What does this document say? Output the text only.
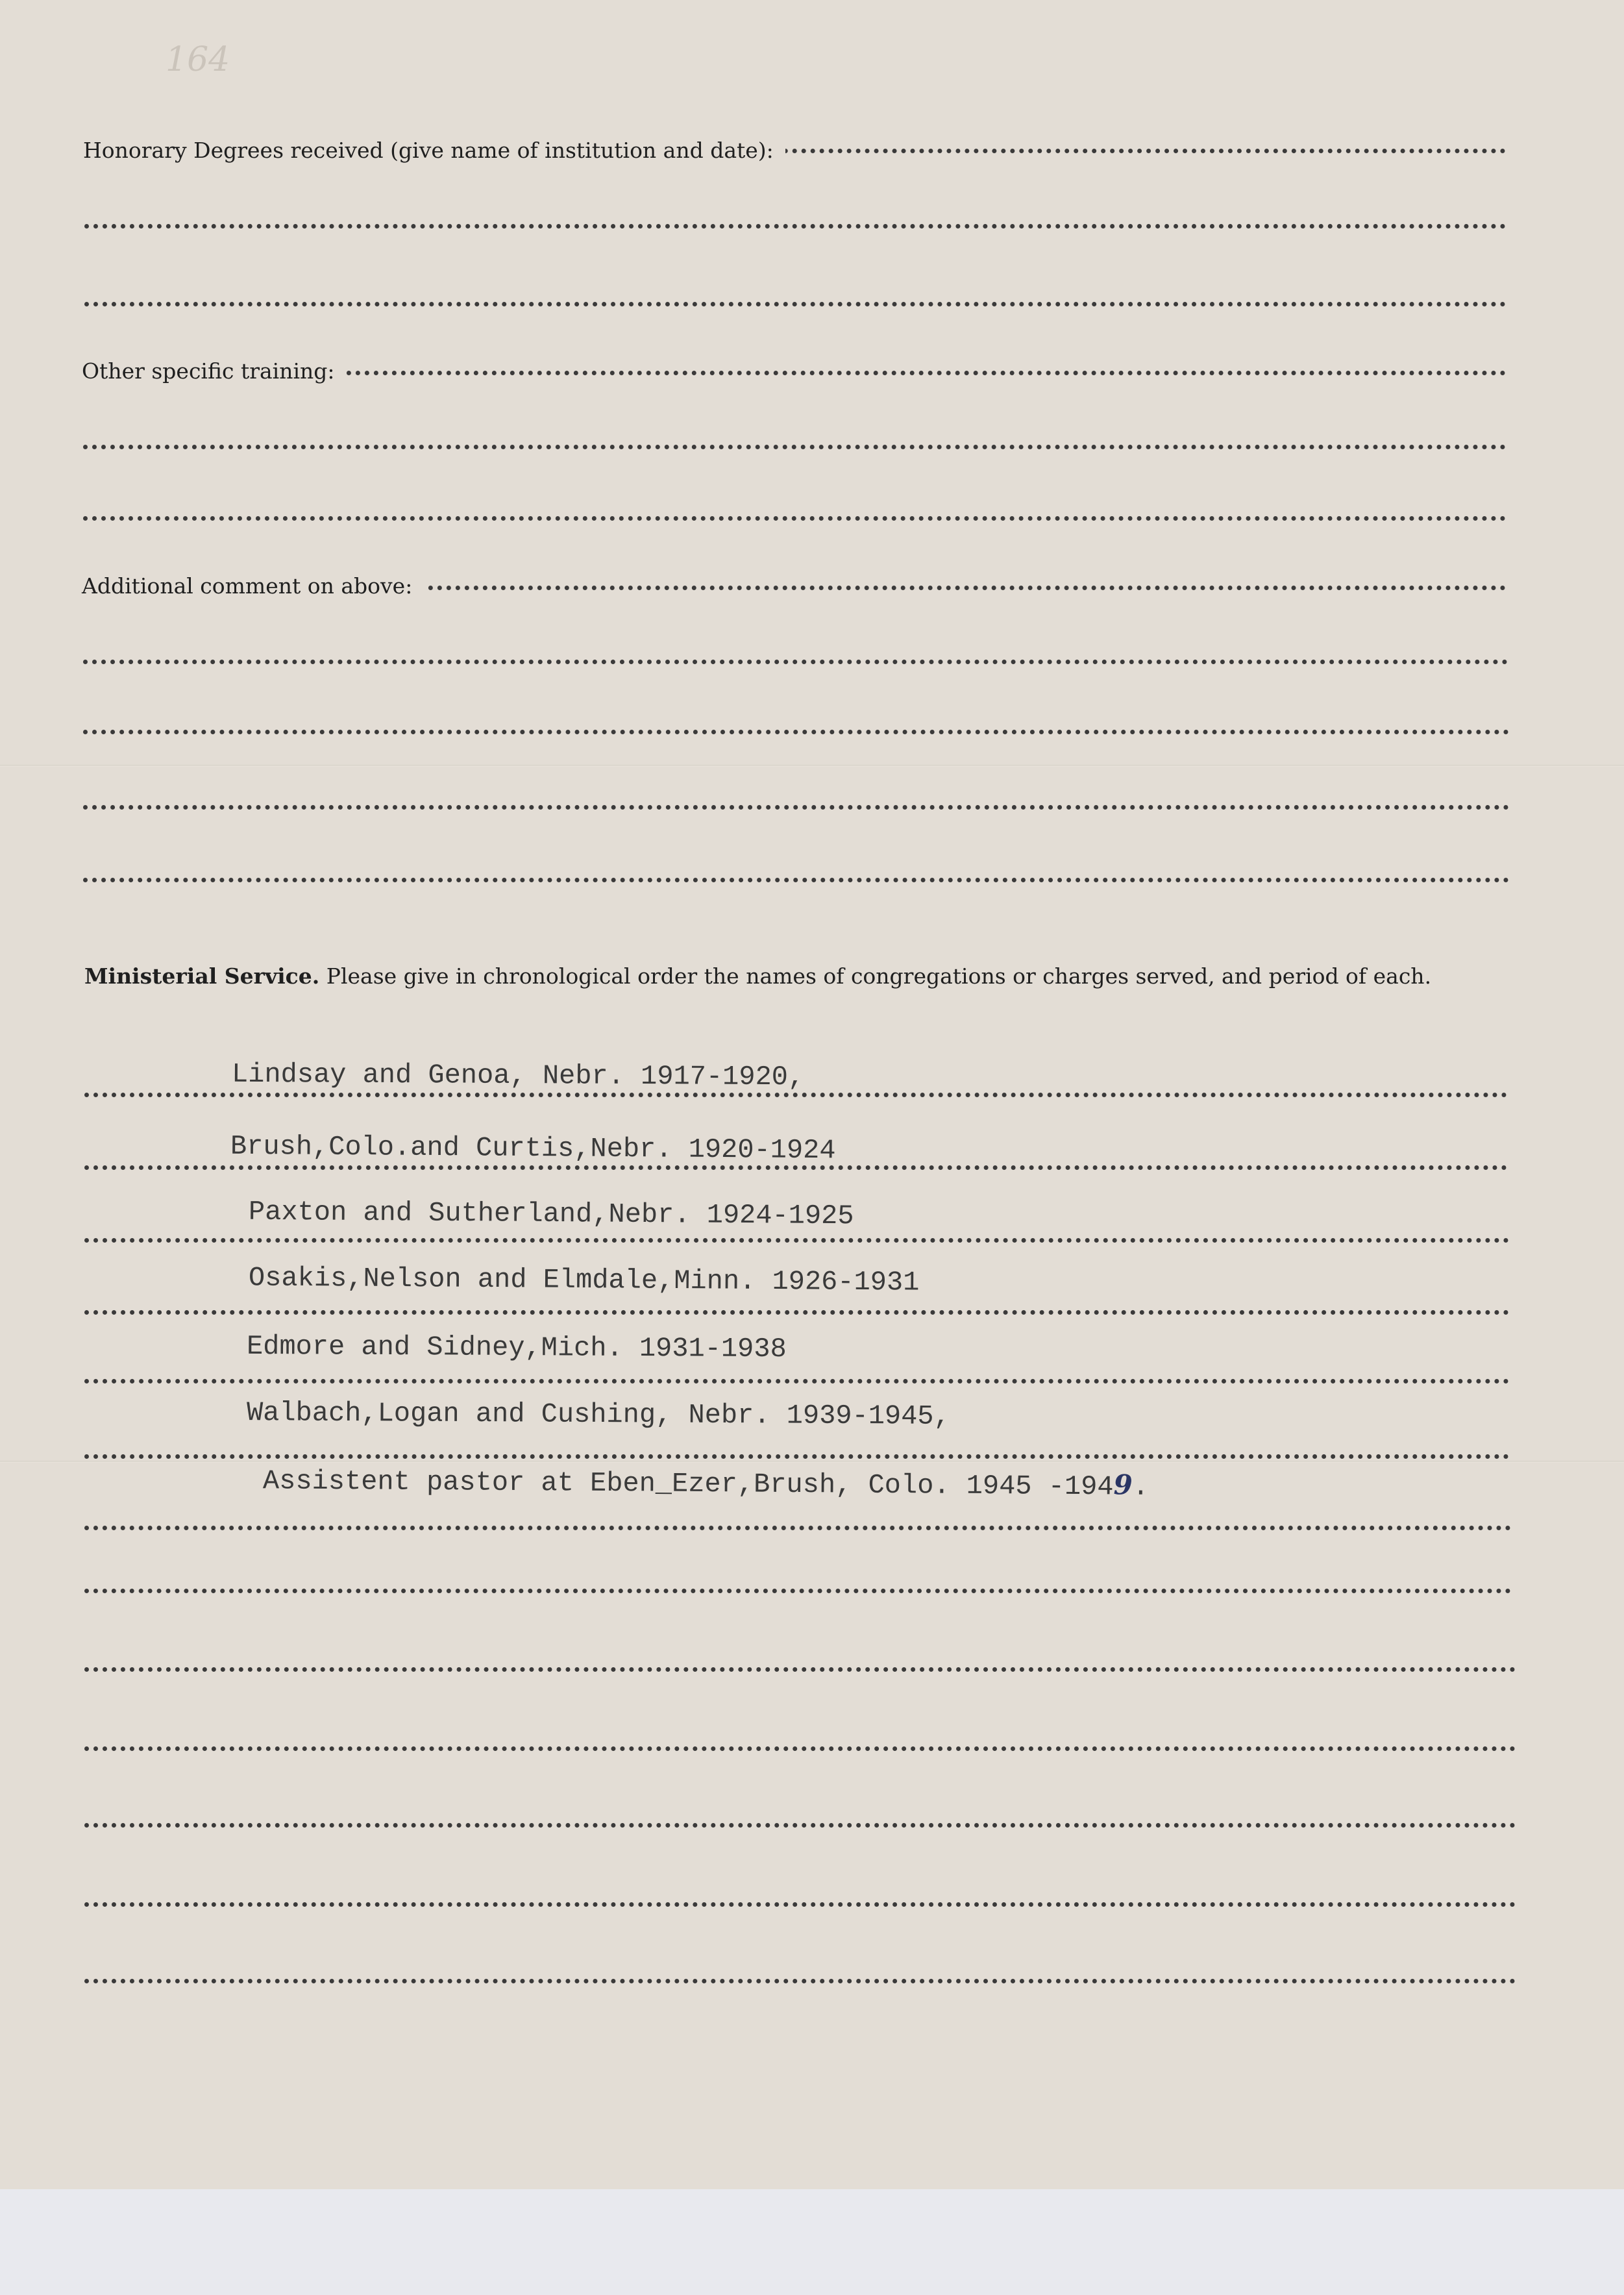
164
Honorary Degrees received (give name of institution and date):
Other specific training:
Additional comment on above:
Ministerial Service. Please give in chronological order the names of congregations or charges served, and period of each.
Lindsay and Genoa, Nebr. 1917-1920,
Brush,Colo.and Curtis,Nebr. 1920-1924
Paxton and Sutherland,Nebr. 1924-1925
Osakis,Nelson and Elmdale,Minn. 1926-1931
Edmore and Sidney,Mich. 1931-1938
Walbach,Logan and Cushing, Nebr. 1939-1945,
Assistent pastor at Eben_Ezer,Brush, Colo. 1945 -1949.
